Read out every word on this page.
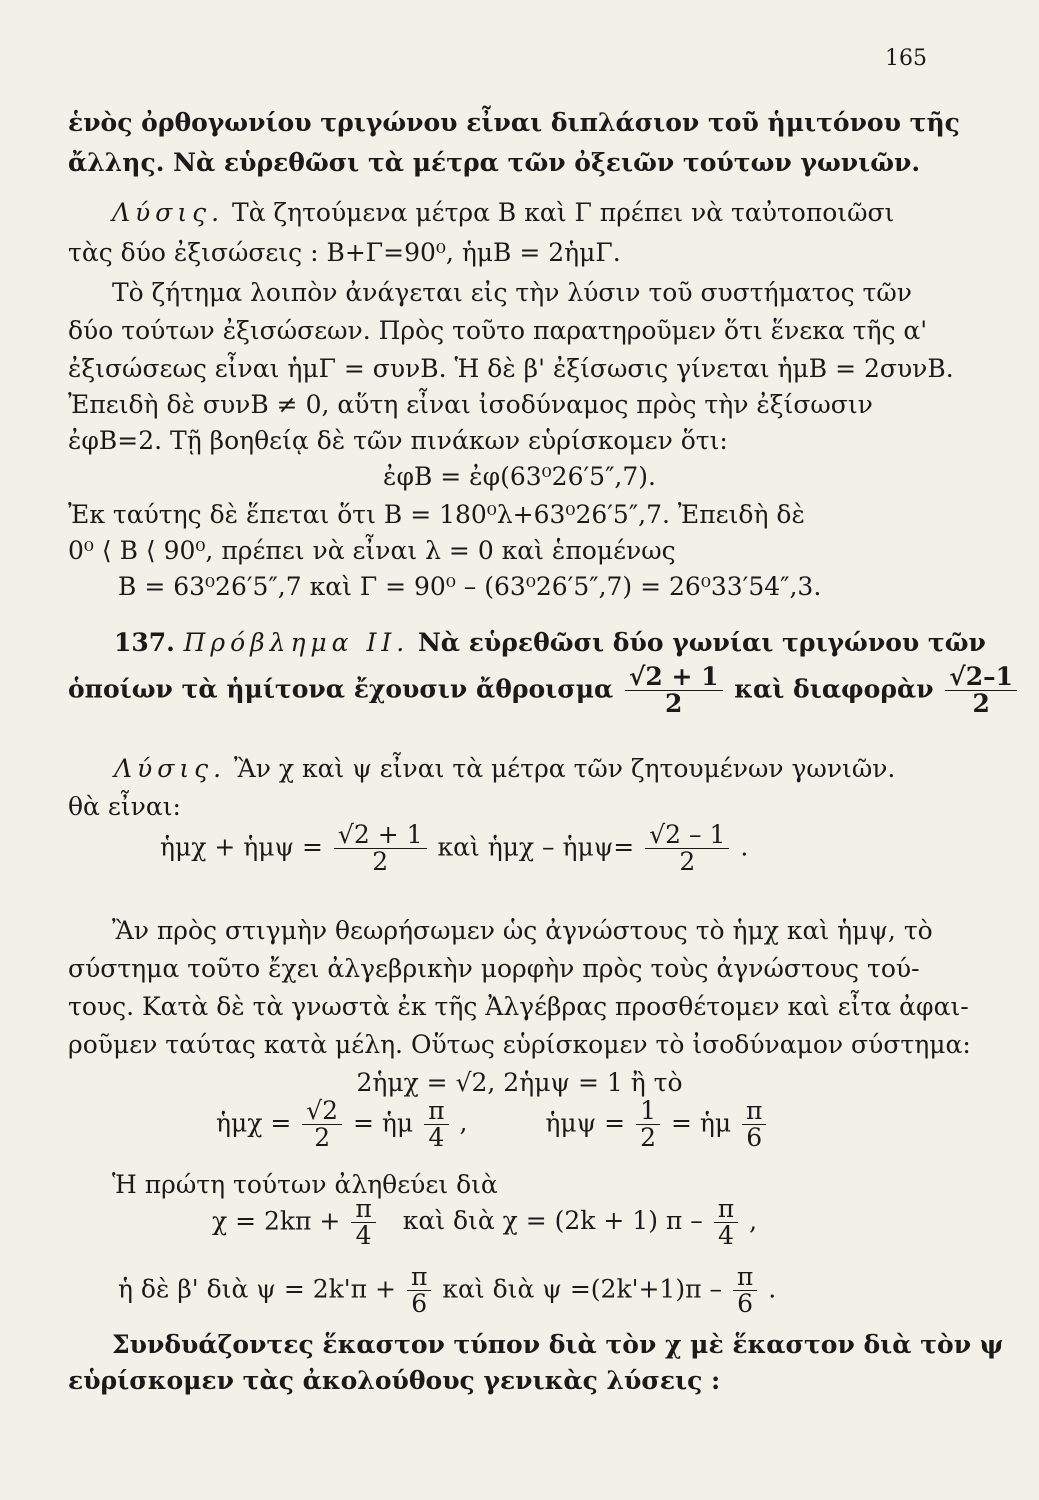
165
ἑνὸς ὀρθογωνίου τριγώνου εἶναι διπλάσιον τοῦ ἡμιτόνου τῆς
ἄλλης. Νὰ εὑρεθῶσι τὰ μέτρα τῶν ὀξειῶν τούτων γωνιῶν.
Λύσις. Τὰ ζητούμενα μέτρα Β καὶ Γ πρέπει νὰ ταὐτοποιῶσι
τὰς δύο ἐξισώσεις : Β+Γ=90⁰, ἡμΒ = 2ἡμΓ.
Τὸ ζήτημα λοιπὸν ἀνάγεται εἰς τὴν λύσιν τοῦ συστήματος τῶν
δύο τούτων ἐξισώσεων. Πρὸς τοῦτο παρατηροῦμεν ὅτι ἕνεκα τῆς α'
ἐξισώσεως εἶναι ἡμΓ = συνΒ. Ἡ δὲ β' ἐξίσωσις γίνεται ἡμΒ = 2συνΒ.
Ἐπειδὴ δὲ συνΒ ≠ 0, αὕτη εἶναι ἰσοδύναμος πρὸς τὴν ἐξίσωσιν
ἐφΒ=2. Τῇ βοηθείᾳ δὲ τῶν πινάκων εὑρίσκομεν ὅτι:
ἐφΒ = ἐφ(63⁰26′5″,7).
Ἐκ ταύτης δὲ ἕπεται ὅτι Β = 180⁰λ+63⁰26′5″,7. Ἐπειδὴ δὲ
0⁰ ⟨ Β ⟨ 90⁰, πρέπει νὰ εἶναι λ = 0 καὶ ἑπομένως
Β = 63⁰26′5″,7 καὶ Γ = 90⁰ – (63⁰26′5″,7) = 26⁰33′54″,3.
137. Πρόβλημα ΙΙ. Νὰ εὑρεθῶσι δύο γωνίαι τριγώνου τῶν
ὁποίων τὰ ἡμίτονα ἔχουσιν ἄθροισμα $\frac{√2 + 1}{2}$ καὶ διαφορὰν $\frac{√2-1}{2}$
Λύσις. Ἂν χ καὶ ψ εἶναι τὰ μέτρα τῶν ζητουμένων γωνιῶν.
θὰ εἶναι:
ἡμχ + ἡμψ = $\frac{√2 + 1}{2}$ καὶ ἡμχ – ἡμψ= $\frac{√2 - 1}{2}$ .
Ἂν πρὸς στιγμὴν θεωρήσωμεν ὡς ἀγνώστους τὸ ἡμχ καὶ ἡμψ, τὸ
σύστημα τοῦτο ἔχει ἀλγεβρικὴν μορφὴν πρὸς τοὺς ἀγνώστους τού-
τους. Κατὰ δὲ τὰ γνωστὰ ἐκ τῆς Ἀλγέβρας προσθέτομεν καὶ εἶτα ἀφαι-
ροῦμεν ταύτας κατὰ μέλη. Οὕτως εὑρίσκομεν τὸ ἰσοδύναμον σύστημα:
2ἡμχ = √2, 2ἡμψ = 1 ἢ τὸ
ἡμχ = $\frac{√2}{2}$ = ἡμ $\frac{\pi}{4}$ ,	ἡμψ = $\frac{1}{2}$ = ἡμ $\frac{\pi}{6}$
Ἡ πρώτη τούτων ἀληθεύει διὰ
$\chi = 2k\pi + \frac{\pi}{4}$ καὶ διὰ χ = (2k + 1) π – $\frac{\pi}{4}$ ,
ἡ δὲ β' διὰ $\psi = 2k'\pi + \frac{\pi}{6}$ καὶ διὰ $\psi =(2k'+1)\pi - \frac{\pi}{6}$ .
Συνδυάζοντες ἕκαστον τύπον διὰ τὸν χ μὲ ἕκαστον διὰ τὸν ψ
εὑρίσκομεν τὰς ἀκολούθους γενικὰς λύσεις :
